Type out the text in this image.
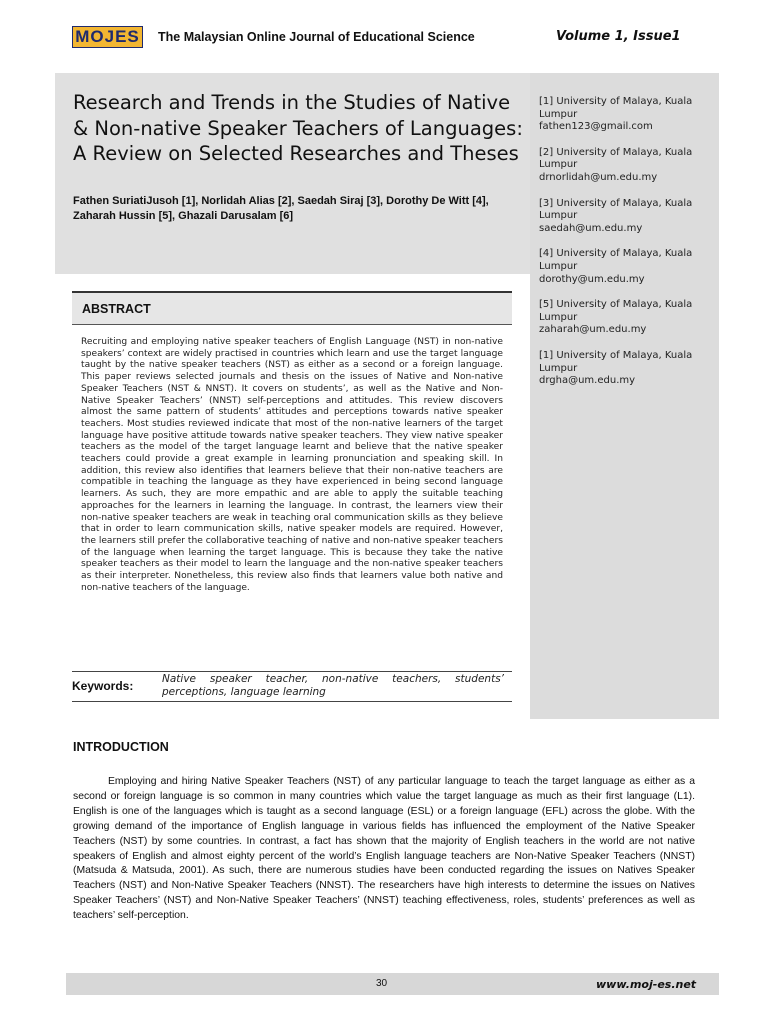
MOJES The Malaysian Online Journal of Educational Science	Volume 1, Issue1
Research and Trends in the Studies of Native & Non-native Speaker Teachers of Languages: A Review on Selected Researches and Theses
Fathen SuriatiJusoh [1], Norlidah Alias [2], Saedah Siraj [3], Dorothy De Witt [4], Zaharah Hussin [5], Ghazali Darusalam [6]
[1] University of Malaya, Kuala Lumpur
fathen123@gmail.com
[2] University of Malaya, Kuala Lumpur
drnorlidah@um.edu.my
[3] University of Malaya, Kuala Lumpur
saedah@um.edu.my
[4] University of Malaya, Kuala Lumpur
dorothy@um.edu.my
[5] University of Malaya, Kuala Lumpur
zaharah@um.edu.my
[1] University of Malaya, Kuala Lumpur
drgha@um.edu.my
ABSTRACT

Recruiting and employing native speaker teachers of English Language (NST) in non-native speakers’ context are widely practised in countries which learn and use the target language taught by the native speaker teachers (NST) as either as a second or a foreign language. This paper reviews selected journals and thesis on the issues of Native and Non-native Speaker Teachers (NST & NNST). It covers on students’, as well as the Native and Non-Native Speaker Teachers’ (NNST) self-perceptions and attitudes. This review discovers almost the same pattern of students’ attitudes and perceptions towards native speaker teachers. Most studies reviewed indicate that most of the non-native learners of the target language have positive attitude towards native speaker teachers. They view native speaker teachers as the model of the target language learnt and believe that the native speaker teachers could provide a great example in learning pronunciation and speaking skill. In addition, this review also identifies that learners believe that their non-native teachers are compatible in teaching the language as they have experienced in being second language learners. As such, they are more empathic and are able to apply the suitable teaching approaches for the learners in learning the language. In contrast, the learners view their non-native speaker teachers are weak in teaching oral communication skills as they believe that in order to learn communication skills, native speaker models are required. However, the learners still prefer the collaborative teaching of native and non-native speaker teachers of the language when learning the target language. This is because they take the native speaker teachers as their model to learn the language and the non-native speaker teachers as their interpreter. Nonetheless, this review also finds that learners value both native and non-native teachers of the language.

Keywords:	Native speaker teacher, non-native teachers, students’ perceptions, language learning
INTRODUCTION

Employing and hiring Native Speaker Teachers (NST) of any particular language to teach the target language as either as a second or foreign language is so common in many countries which value the target language as much as their first language (L1). English is one of the languages which is taught as a second language (ESL) or a foreign language (EFL) across the globe. With the growing demand of the importance of English language in various fields has influenced the employment of the Native Speaker Teachers (NST) by some countries. In contrast, a fact has shown that the majority of English teachers in the world are not native speakers of English and almost eighty percent of the world’s English language teachers are Non-Native Speaker Teachers (NNST) (Matsuda & Matsuda, 2001). As such, there are numerous studies have been conducted regarding the issues on Natives Speaker Teachers (NST) and Non-Native Speaker Teachers (NNST). The researchers have high interests to determine the issues on Natives Speaker Teachers’ (NST) and Non-Native Speaker Teachers’ (NNST) teaching effectiveness, roles, students’ preferences as well as teachers’ self-perception.

30	www.moj-es.net
